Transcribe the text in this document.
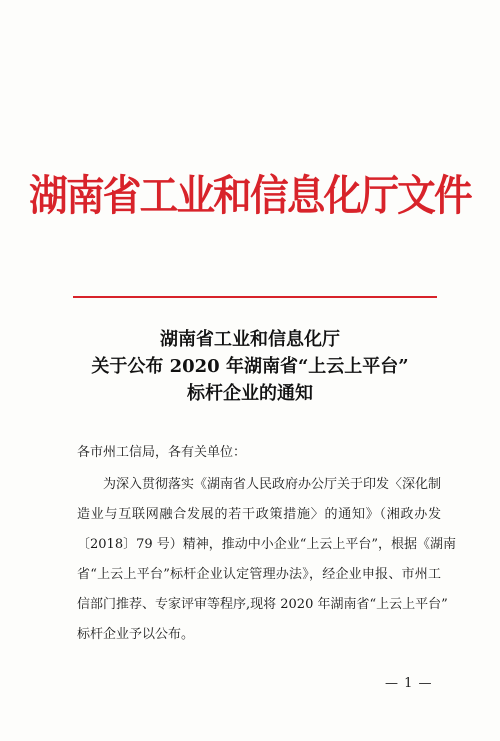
湖南省工业和信息化厅文件
湖南省工业和信息化厅
关于公布 2020 年湖南省“上云上平台”
标杆企业的通知
各市州工信局，各有关单位：
为深入贯彻落实《湖南省人民政府办公厅关于印发〈深化制
造业与互联网融合发展的若干政策措施〉的通知》（湘政办发
〔2018〕79 号）精神，推动中小企业“上云上平台”，根据《湖南
省“上云上平台”标杆企业认定管理办法》，经企业申报、市州工
信部门推荐、专家评审等程序,现将 2020 年湖南省“上云上平台”
标杆企业予以公布。
— 1 —
